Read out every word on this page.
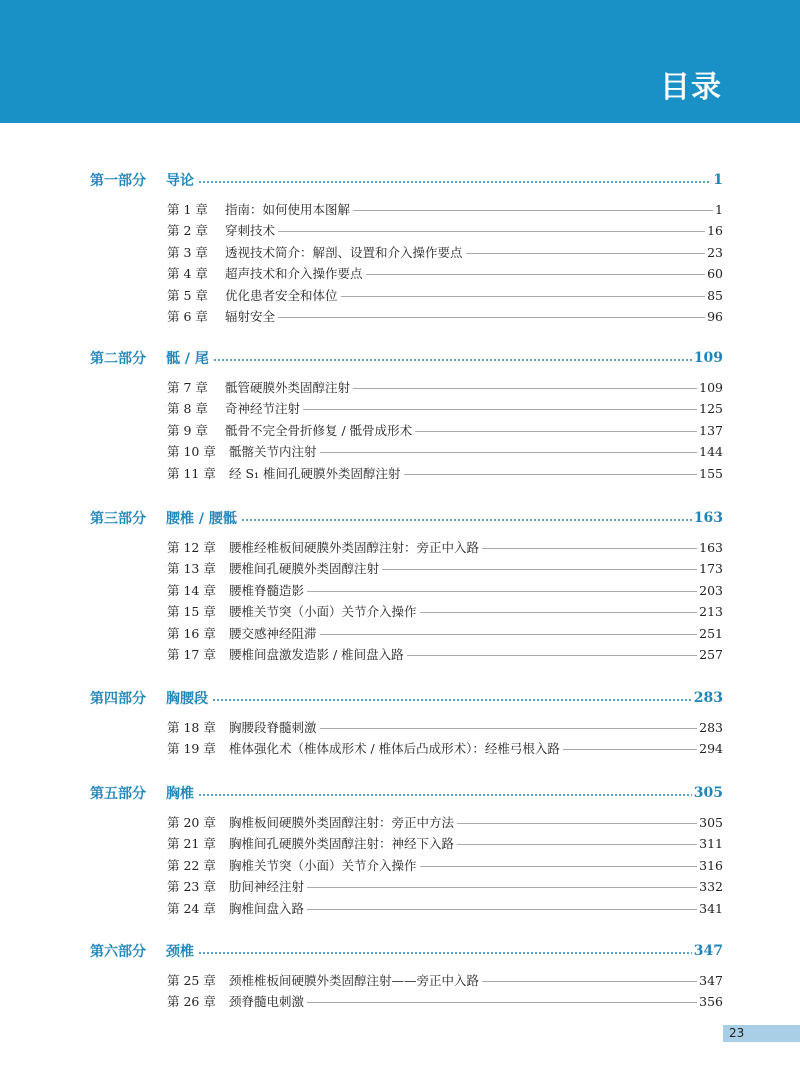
目录
第一部分 导论	1
第 1 章	指南：如何使用本图解	1
第 2 章	穿刺技术	16
第 3 章	透视技术简介：解剖、设置和介入操作要点	23
第 4 章	超声技术和介入操作要点	60
第 5 章	优化患者安全和体位	85
第 6 章	辐射安全	96
第二部分 骶 / 尾	109
第 7 章	骶管硬膜外类固醇注射	109
第 8 章	奇神经节注射	125
第 9 章	骶骨不完全骨折修复 / 骶骨成形术	137
第 10 章	骶髂关节内注射	144
第 11 章	经 S₁ 椎间孔硬膜外类固醇注射	155
第三部分 腰椎 / 腰骶	163
第 12 章	腰椎经椎板间硬膜外类固醇注射：旁正中入路	163
第 13 章	腰椎间孔硬膜外类固醇注射	173
第 14 章	腰椎脊髓造影	203
第 15 章	腰椎关节突（小面）关节介入操作	213
第 16 章	腰交感神经阻滞	251
第 17 章	腰椎间盘激发造影 / 椎间盘入路	257
第四部分 胸腰段	283
第 18 章	胸腰段脊髓刺激	283
第 19 章	椎体强化术（椎体成形术 / 椎体后凸成形术）：经椎弓根入路	294
第五部分 胸椎	305
第 20 章	胸椎板间硬膜外类固醇注射：旁正中方法	305
第 21 章	胸椎间孔硬膜外类固醇注射：神经下入路	311
第 22 章	胸椎关节突（小面）关节介入操作	316
第 23 章	肋间神经注射	332
第 24 章	胸椎间盘入路	341
第六部分 颈椎	347
第 25 章	颈椎椎板间硬膜外类固醇注射——旁正中入路	347
第 26 章	颈脊髓电刺激	356
23
